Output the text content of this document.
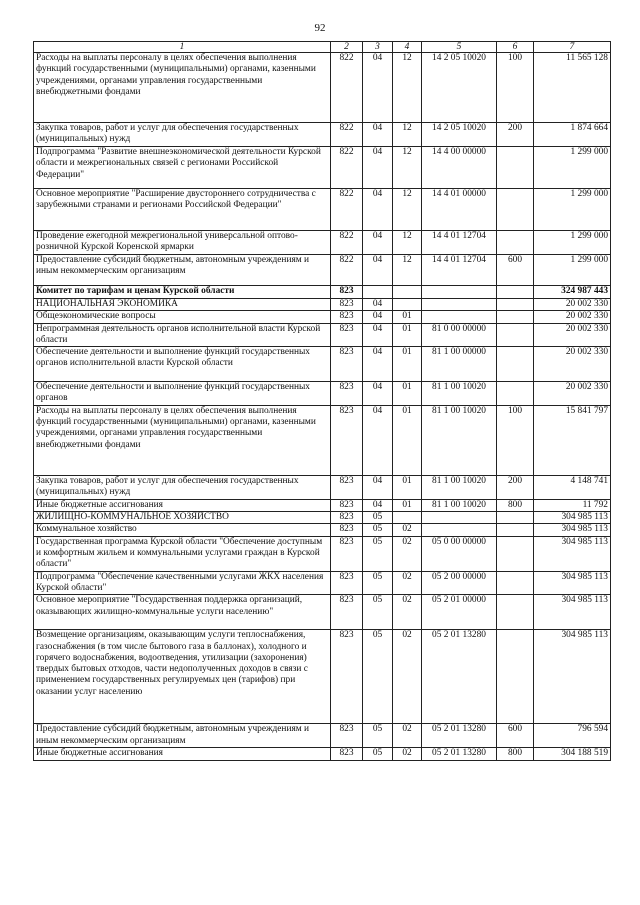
92
1	2	3	4	5	6	7
Расходы на выплаты персоналу в целях обеспечения выполнения функций государственными (муниципальными) органами, казенными учреждениями, органами управления государственными внебюджетными фондами	822	04	12	14 2 05 10020	100	11 565 128
Закупка товаров, работ и услуг для обеспечения государственных (муниципальных) нужд	822	04	12	14 2 05 10020	200	1 874 664
Подпрограмма "Развитие внешнеэкономической деятельности Курской области и межрегиональных связей с регионами Российской Федерации"	822	04	12	14 4 00 00000		1 299 000
Основное мероприятие "Расширение двустороннего сотрудничества с зарубежными странами и регионами Российской Федерации"	822	04	12	14 4 01 00000		1 299 000
Проведение ежегодной межрегиональной универсальной оптово-розничной Курской Коренской ярмарки	822	04	12	14 4 01 12704		1 299 000
Предоставление субсидий бюджетным, автономным учреждениям и иным некоммерческим организациям	822	04	12	14 4 01 12704	600	1 299 000
Комитет по тарифам и ценам Курской области	823					324 987 443
НАЦИОНАЛЬНАЯ ЭКОНОМИКА	823	04				20 002 330
Общеэкономические вопросы	823	04	01			20 002 330
Непрограммная деятельность органов исполнительной власти Курской области	823	04	01	81 0 00 00000		20 002 330
Обеспечение деятельности и выполнение функций государственных органов исполнительной власти Курской области	823	04	01	81 1 00 00000		20 002 330
Обеспечение деятельности и выполнение функций государственных органов	823	04	01	81 1 00 10020		20 002 330
Расходы на выплаты персоналу в целях обеспечения выполнения функций государственными (муниципальными) органами, казенными учреждениями, органами управления государственными внебюджетными фондами	823	04	01	81 1 00 10020	100	15 841 797
Закупка товаров, работ и услуг для обеспечения государственных (муниципальных) нужд	823	04	01	81 1 00 10020	200	4 148 741
Иные бюджетные ассигнования	823	04	01	81 1 00 10020	800	11 792
ЖИЛИЩНО-КОММУНАЛЬНОЕ ХОЗЯЙСТВО	823	05				304 985 113
Коммунальное хозяйство	823	05	02			304 985 113
Государственная программа Курской области "Обеспечение доступным и комфортным жильем и коммунальными услугами граждан в Курской области"	823	05	02	05 0 00 00000		304 985 113
Подпрограмма "Обеспечение качественными услугами ЖКХ населения Курской области"	823	05	02	05 2 00 00000		304 985 113
Основное мероприятие "Государственная поддержка организаций, оказывающих жилищно-коммунальные услуги населению"	823	05	02	05 2 01 00000		304 985 113
Возмещение организациям, оказывающим услуги теплоснабжения, газоснабжения (в том числе бытового газа в баллонах), холодного и горячего водоснабжения, водоотведения, утилизации (захоронения) твердых бытовых отходов, части недополученных доходов в связи с применением государственных регулируемых цен (тарифов) при оказании услуг населению	823	05	02	05 2 01 13280		304 985 113
Предоставление субсидий бюджетным, автономным учреждениям и иным некоммерческим организациям	823	05	02	05 2 01 13280	600	796 594
Иные бюджетные ассигнования	823	05	02	05 2 01 13280	800	304 188 519
